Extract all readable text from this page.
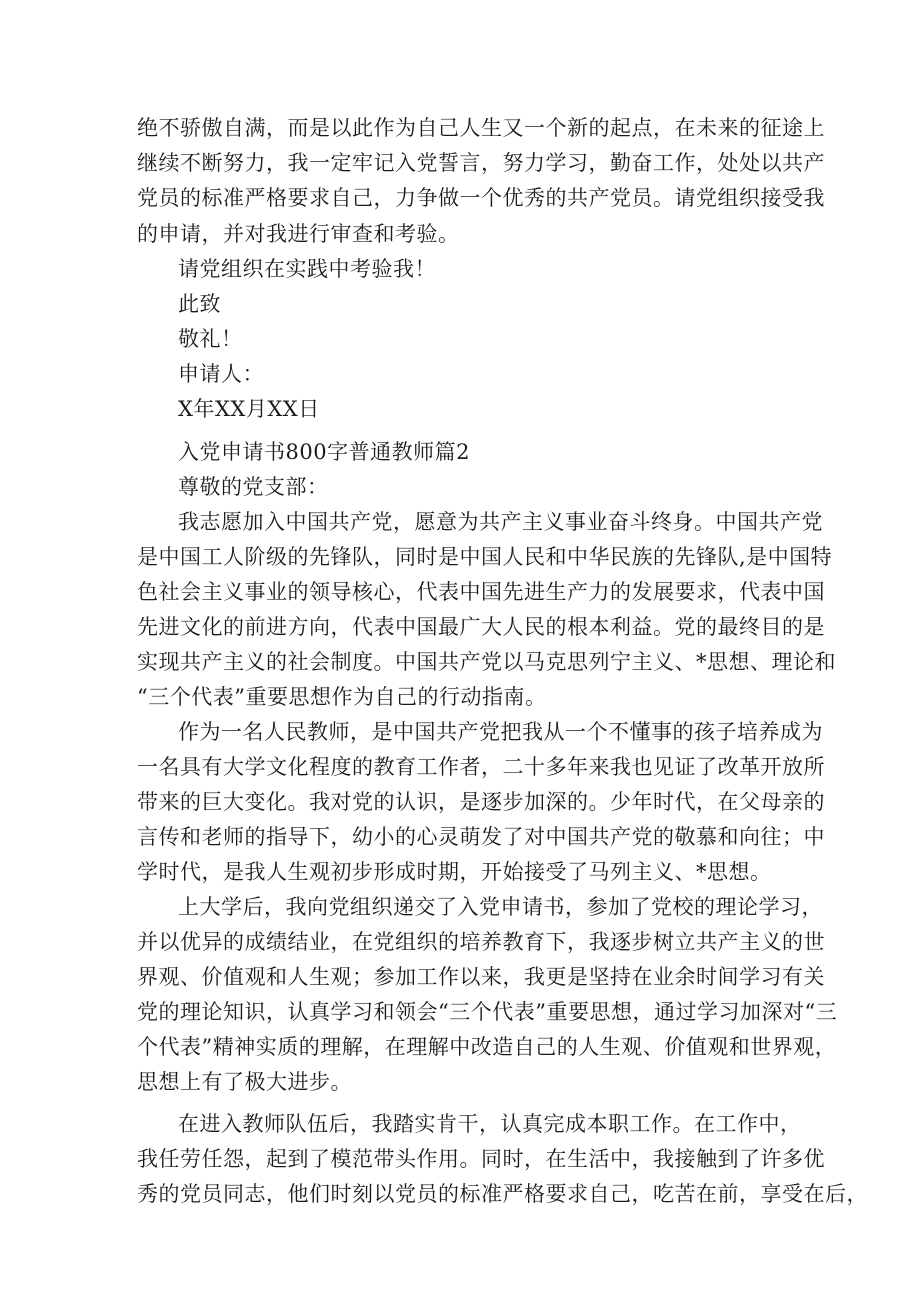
绝不骄傲自满，而是以此作为自己人生又一个新的起点，在未来的征途上
继续不断努力，我一定牢记入党誓言，努力学习，勤奋工作，处处以共产
党员的标准严格要求自己，力争做一个优秀的共产党员。请党组织接受我
的申请，并对我进行审查和考验。
请党组织在实践中考验我！
此致
敬礼！
申请人：
X年XX月XX日
入党申请书800字普通教师篇2
尊敬的党支部：
我志愿加入中国共产党，愿意为共产主义事业奋斗终身。中国共产党
是中国工人阶级的先锋队，同时是中国人民和中华民族的先锋队,是中国特
色社会主义事业的领导核心，代表中国先进生产力的发展要求，代表中国
先进文化的前进方向，代表中国最广大人民的根本利益。党的最终目的是
实现共产主义的社会制度。中国共产党以马克思列宁主义、*思想、理论和
“三个代表”重要思想作为自己的行动指南。
作为一名人民教师，是中国共产党把我从一个不懂事的孩子培养成为
一名具有大学文化程度的教育工作者，二十多年来我也见证了改革开放所
带来的巨大变化。我对党的认识，是逐步加深的。少年时代，在父母亲的
言传和老师的指导下，幼小的心灵萌发了对中国共产党的敬慕和向往；中
学时代，是我人生观初步形成时期，开始接受了马列主义、*思想。
上大学后，我向党组织递交了入党申请书，参加了党校的理论学习，
并以优异的成绩结业，在党组织的培养教育下，我逐步树立共产主义的世
界观、价值观和人生观；参加工作以来，我更是坚持在业余时间学习有关
党的理论知识，认真学习和领会“三个代表”重要思想，通过学习加深对“三
个代表”精神实质的理解，在理解中改造自己的人生观、价值观和世界观，
思想上有了极大进步。
在进入教师队伍后，我踏实肯干，认真完成本职工作。在工作中，
我任劳任怨，起到了模范带头作用。同时，在生活中，我接触到了许多优
秀的党员同志，他们时刻以党员的标准严格要求自己，吃苦在前，享受在后，
